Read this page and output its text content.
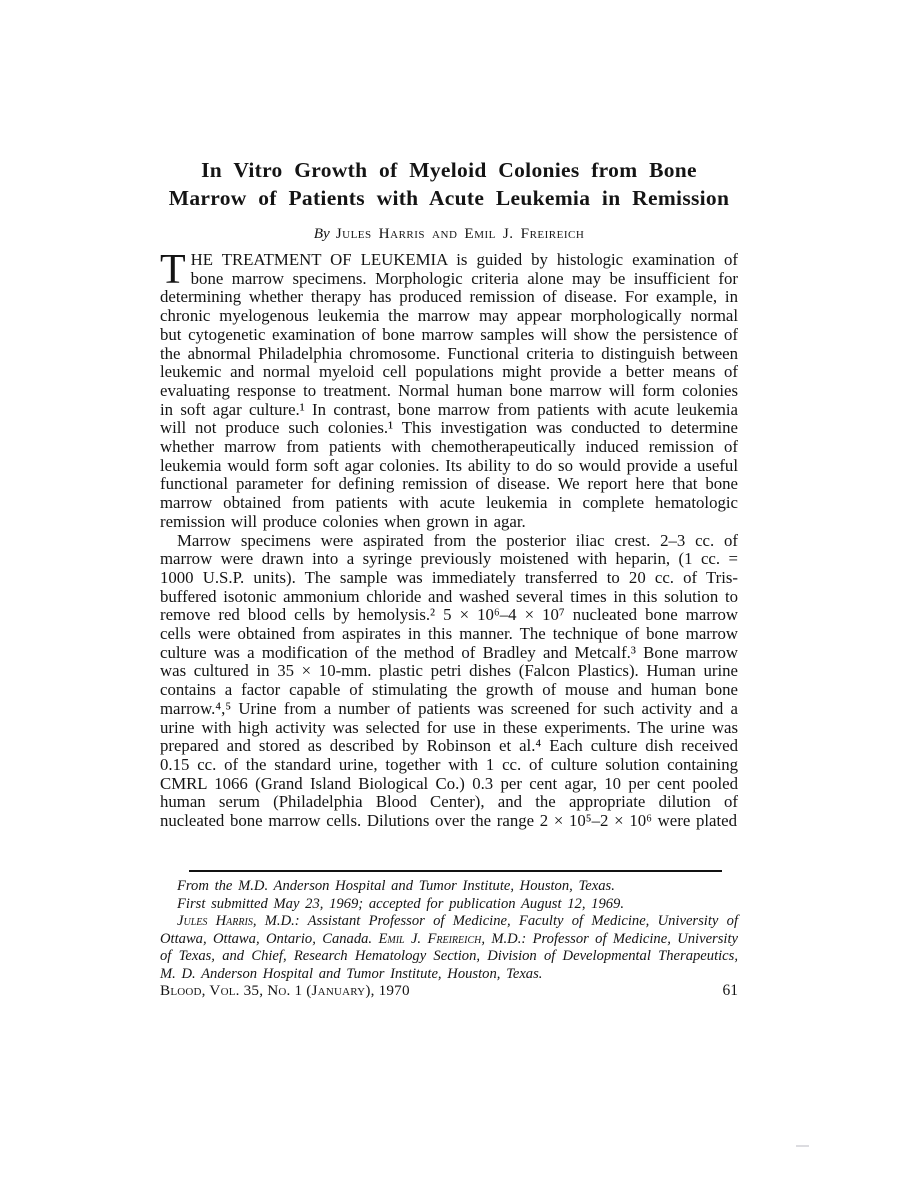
In Vitro Growth of Myeloid Colonies from Bone
Marrow of Patients with Acute Leukemia in Remission
By Jules Harris and Emil J. Freireich

THE TREATMENT OF LEUKEMIA is guided by histologic examination of bone marrow specimens. Morphologic criteria alone may be insufficient for determining whether therapy has produced remission of disease. For example, in chronic myelogenous leukemia the marrow may appear morphologically normal but cytogenetic examination of bone marrow samples will show the persistence of the abnormal Philadelphia chromosome. Functional criteria to distinguish between leukemic and normal myeloid cell populations might provide a better means of evaluating response to treatment. Normal human bone marrow will form colonies in soft agar culture.¹ In contrast, bone marrow from patients with acute leukemia will not produce such colonies.¹ This investigation was conducted to determine whether marrow from patients with chemotherapeutically induced remission of leukemia would form soft agar colonies. Its ability to do so would provide a useful functional parameter for defining remission of disease. We report here that bone marrow obtained from patients with acute leukemia in complete hematologic remission will produce colonies when grown in agar.

Marrow specimens were aspirated from the posterior iliac crest. 2–3 cc. of marrow were drawn into a syringe previously moistened with heparin, (1 cc. = 1000 U.S.P. units). The sample was immediately transferred to 20 cc. of Tris-buffered isotonic ammonium chloride and washed several times in this solution to remove red blood cells by hemolysis.² 5 × 10⁶–4 × 10⁷ nucleated bone marrow cells were obtained from aspirates in this manner. The technique of bone marrow culture was a modification of the method of Bradley and Metcalf.³ Bone marrow was cultured in 35 × 10-mm. plastic petri dishes (Falcon Plastics). Human urine contains a factor capable of stimulating the growth of mouse and human bone marrow.⁴,⁵ Urine from a number of patients was screened for such activity and a urine with high activity was selected for use in these experiments. The urine was prepared and stored as described by Robinson et al.⁴ Each culture dish received 0.15 cc. of the standard urine, together with 1 cc. of culture solution containing CMRL 1066 (Grand Island Biological Co.) 0.3 per cent agar, 10 per cent pooled human serum (Philadelphia Blood Center), and the appropriate dilution of nucleated bone marrow cells. Dilutions over the range 2 × 10⁵–2 × 10⁶ were plated

From the M.D. Anderson Hospital and Tumor Institute, Houston, Texas.

First submitted May 23, 1969; accepted for publication August 12, 1969.

Jules Harris, M.D.: Assistant Professor of Medicine, Faculty of Medicine, University of Ottawa, Ottawa, Ontario, Canada. Emil J. Freireich, M.D.: Professor of Medicine, University of Texas, and Chief, Research Hematology Section, Division of Developmental Therapeutics, M. D. Anderson Hospital and Tumor Institute, Houston, Texas.

Blood, Vol. 35, No. 1 (January), 1970	61
